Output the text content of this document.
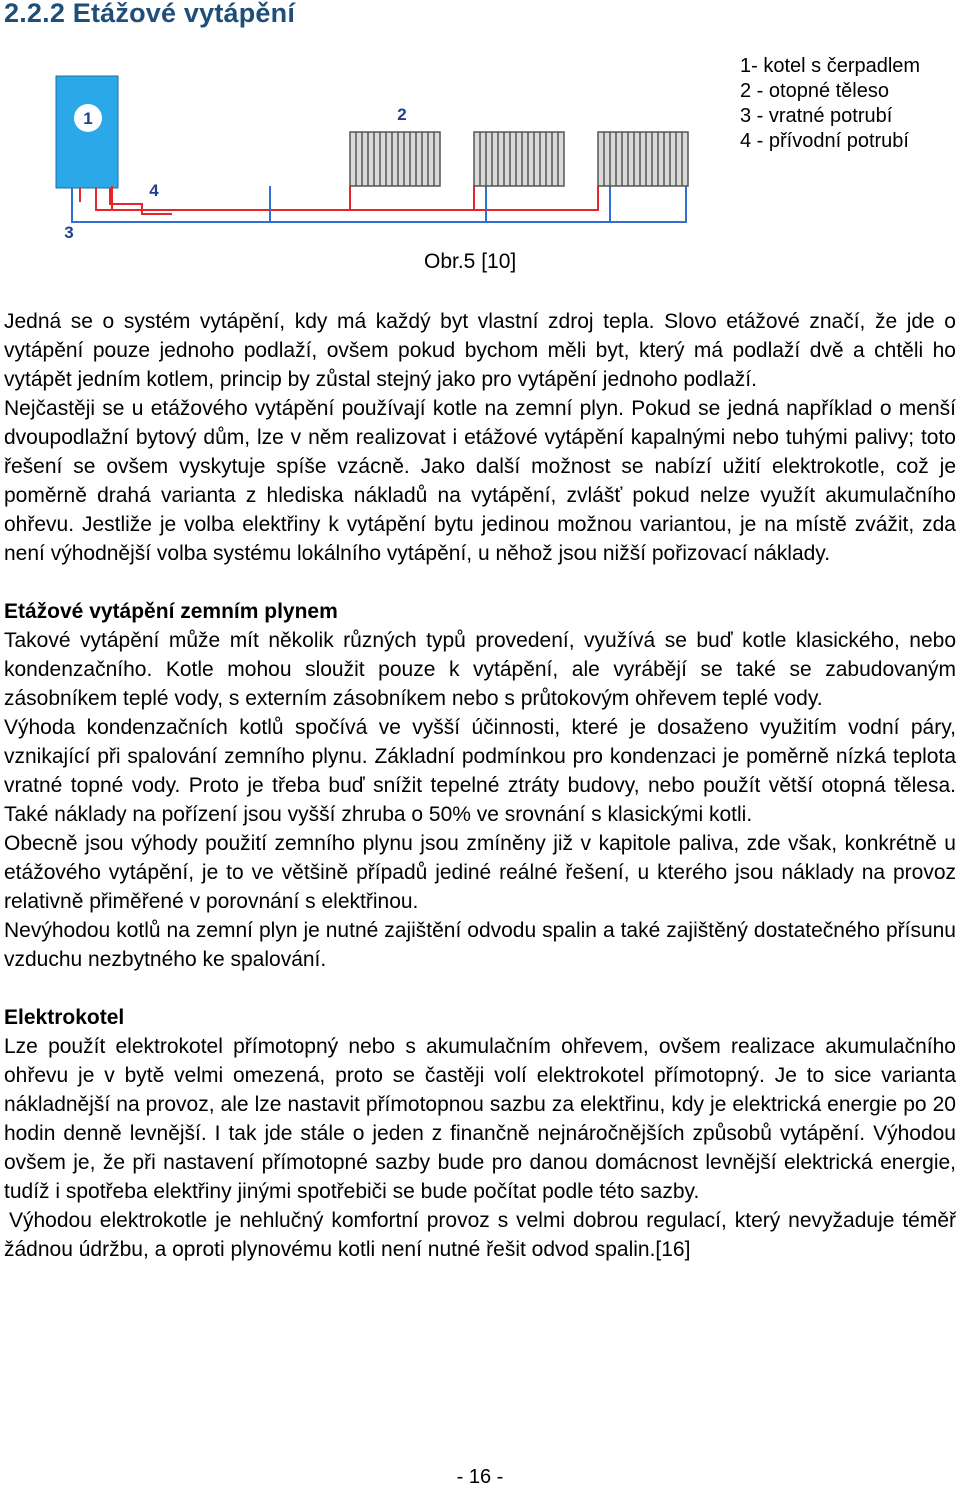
2.2.2 Etážové vytápění
1	2
4
3
1- kotel s čerpadlem
2 - otopné těleso
3 - vratné potrubí
4 - přívodní potrubí
Obr.5 [10]

Jedná se o systém vytápění, kdy má každý byt vlastní zdroj tepla. Slovo etážové značí, že jde o vytápění pouze jednoho podlaží, ovšem pokud bychom měli byt, který má podlaží dvě a chtěli ho vytápět jedním kotlem, princip by zůstal stejný jako pro vytápění jednoho podlaží.

Nejčastěji se u etážového vytápění používají kotle na zemní plyn. Pokud se jedná například o menší dvoupodlažní bytový dům, lze v něm realizovat i etážové vytápění kapalnými nebo tuhými palivy; toto řešení se ovšem vyskytuje spíše vzácně. Jako další možnost se nabízí užití elektrokotle, což je poměrně drahá varianta z hlediska nákladů na vytápění, zvlášť pokud nelze využít akumulačního ohřevu. Jestliže je volba elektřiny k vytápění bytu jedinou možnou variantou, je na místě zvážit, zda není výhodnější volba systému lokálního vytápění, u něhož jsou nižší pořizovací náklady.

Etážové vytápění zemním plynem

Takové vytápění může mít několik různých typů provedení, využívá se buď kotle klasického, nebo kondenzačního. Kotle mohou sloužit pouze k vytápění, ale vyrábějí se také se zabudovaným zásobníkem teplé vody, s externím zásobníkem nebo s průtokovým ohřevem teplé vody.

Výhoda kondenzačních kotlů spočívá ve vyšší účinnosti, které je dosaženo využitím vodní páry, vznikající při spalování zemního plynu. Základní podmínkou pro kondenzaci je poměrně nízká teplota vratné topné vody. Proto je třeba buď snížit tepelné ztráty budovy, nebo použít větší otopná tělesa. Také náklady na pořízení jsou vyšší zhruba o 50% ve srovnání s klasickými kotli.

Obecně jsou výhody použití zemního plynu jsou zmíněny již v kapitole paliva, zde však, konkrétně u etážového vytápění, je to ve většině případů jediné reálné řešení, u kterého jsou náklady na provoz relativně přiměřené v porovnání s elektřinou.

Nevýhodou kotlů na zemní plyn je nutné zajištění odvodu spalin a také zajištěný dostatečného přísunu vzduchu nezbytného ke spalování.

Elektrokotel

Lze použít elektrokotel přímotopný nebo s akumulačním ohřevem, ovšem realizace akumulačního ohřevu je v bytě velmi omezená, proto se častěji volí elektrokotel přímotopný. Je to sice varianta nákladnější na provoz, ale lze nastavit přímotopnou sazbu za elektřinu, kdy je elektrická energie po 20 hodin denně levnější. I tak jde stále o jeden z finančně nejnáročnějších způsobů vytápění. Výhodou ovšem je, že při nastavení přímotopné sazby bude pro danou domácnost levnější elektrická energie, tudíž i spotřeba elektřiny jinými spotřebiči se bude počítat podle této sazby.

Výhodou elektrokotle je nehlučný komfortní provoz s velmi dobrou regulací, který nevyžaduje téměř žádnou údržbu, a oproti plynovému kotli není nutné řešit odvod spalin.[16]

- 16 -
